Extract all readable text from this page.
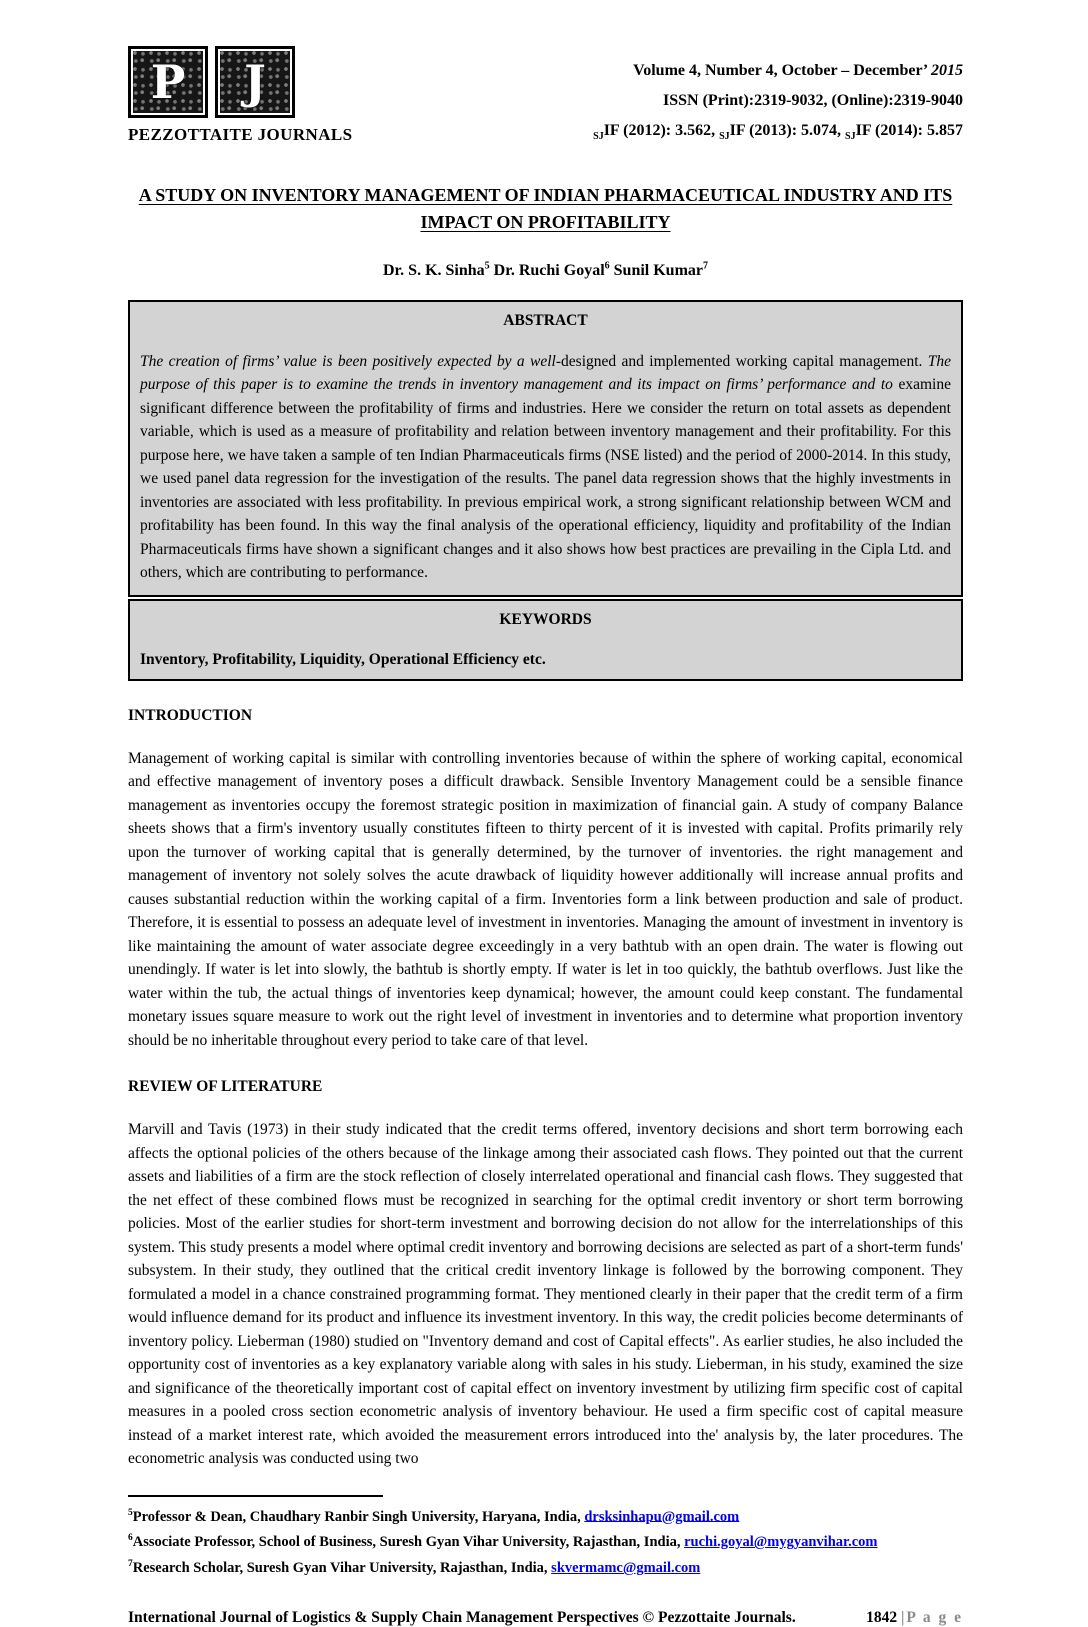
P	J
PEZZOTTAITE JOURNALS
Volume 4, Number 4, October – December’ 2015
ISSN (Print):2319-9032, (Online):2319-9040
$_{SJ}$IF (2012): 3.562, $_{SJ}$IF (2013): 5.074, $_{SJ}$IF (2014): 5.857
A STUDY ON INVENTORY MANAGEMENT OF INDIAN PHARMACEUTICAL INDUSTRY AND ITS IMPACT ON PROFITABILITY
Dr. S. K. Sinha$^5$ Dr. Ruchi Goyal$^6$ Sunil Kumar$^7$
ABSTRACT
The creation of firms’ value is been positively expected by a well-designed and implemented working capital management. The purpose of this paper is to examine the trends in inventory management and its impact on firms’ performance and to examine significant difference between the profitability of firms and industries. Here we consider the return on total assets as dependent variable, which is used as a measure of profitability and relation between inventory management and their profitability. For this purpose here, we have taken a sample of ten Indian Pharmaceuticals firms (NSE listed) and the period of 2000-2014. In this study, we used panel data regression for the investigation of the results. The panel data regression shows that the highly investments in inventories are associated with less profitability. In previous empirical work, a strong significant relationship between WCM and profitability has been found. In this way the final analysis of the operational efficiency, liquidity and profitability of the Indian Pharmaceuticals firms have shown a significant changes and it also shows how best practices are prevailing in the Cipla Ltd. and others, which are contributing to performance.
KEYWORDS
Inventory, Profitability, Liquidity, Operational Efficiency etc.
INTRODUCTION
Management of working capital is similar with controlling inventories because of within the sphere of working capital, economical and effective management of inventory poses a difficult drawback. Sensible Inventory Management could be a sensible finance management as inventories occupy the foremost strategic position in maximization of financial gain. A study of company Balance sheets shows that a firm's inventory usually constitutes fifteen to thirty percent of it is invested with capital. Profits primarily rely upon the turnover of working capital that is generally determined, by the turnover of inventories. the right management and management of inventory not solely solves the acute drawback of liquidity however additionally will increase annual profits and causes substantial reduction within the working capital of a firm. Inventories form a link between production and sale of product. Therefore, it is essential to possess an adequate level of investment in inventories. Managing the amount of investment in inventory is like maintaining the amount of water associate degree exceedingly in a very bathtub with an open drain. The water is flowing out unendingly. If water is let into slowly, the bathtub is shortly empty. If water is let in too quickly, the bathtub overflows. Just like the water within the tub, the actual things of inventories keep dynamical; however, the amount could keep constant. The fundamental monetary issues square measure to work out the right level of investment in inventories and to determine what proportion inventory should be no inheritable throughout every period to take care of that level.
REVIEW OF LITERATURE
Marvill and Tavis (1973) in their study indicated that the credit terms offered, inventory decisions and short term borrowing each affects the optional policies of the others because of the linkage among their associated cash flows. They pointed out that the current assets and liabilities of a firm are the stock reflection of closely interrelated operational and financial cash flows. They suggested that the net effect of these combined flows must be recognized in searching for the optimal credit inventory or short term borrowing policies. Most of the earlier studies for short-term investment and borrowing decision do not allow for the interrelationships of this system. This study presents a model where optimal credit inventory and borrowing decisions are selected as part of a short-term funds' subsystem. In their study, they outlined that the critical credit inventory linkage is followed by the borrowing component. They formulated a model in a chance constrained programming format. They mentioned clearly in their paper that the credit term of a firm would influence demand for its product and influence its investment inventory. In this way, the credit policies become determinants of inventory policy. Lieberman (1980) studied on "Inventory demand and cost of Capital effects". As earlier studies, he also included the opportunity cost of inventories as a key explanatory variable along with sales in his study. Lieberman, in his study, examined the size and significance of the theoretically important cost of capital effect on inventory investment by utilizing firm specific cost of capital measures in a pooled cross section econometric analysis of inventory behaviour. He used a firm specific cost of capital measure instead of a market interest rate, which avoided the measurement errors introduced into the' analysis by, the later procedures. The econometric analysis was conducted using two
$^5$Professor & Dean, Chaudhary Ranbir Singh University, Haryana, India, drsksinhapu@gmail.com
$^6$Associate Professor, School of Business, Suresh Gyan Vihar University, Rajasthan, India, ruchi.goyal@mygyanvihar.com
$^7$Research Scholar, Suresh Gyan Vihar University, Rajasthan, India, skvermamc@gmail.com
International Journal of Logistics & Supply Chain Management Perspectives © Pezzottaite Journals.	1842 |P a g e
